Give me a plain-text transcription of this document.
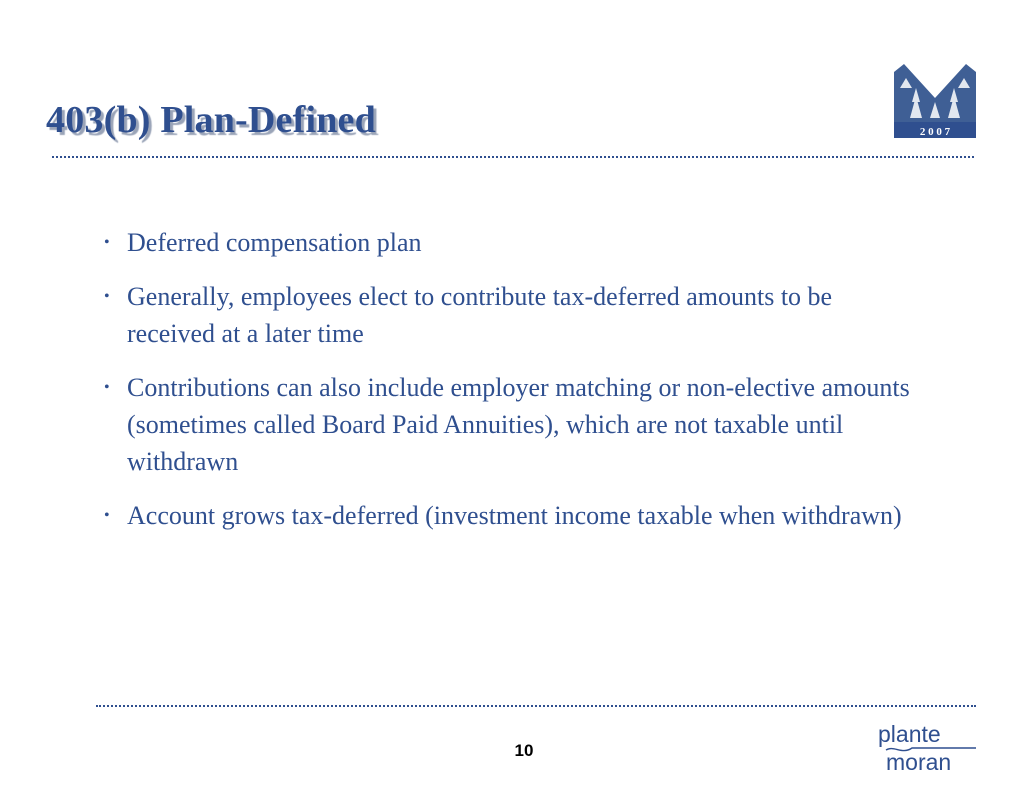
403(b) Plan-Defined	2 0 0 7
Midwinter Conference
• Deferred compensation plan
• Generally, employees elect to contribute tax-deferred amounts to be received at a later time
• Contributions can also include employer matching or non-elective amounts (sometimes called Board Paid Annuities), which are not taxable until withdrawn
• Account grows tax-deferred (investment income taxable when withdrawn)
10
plante
moran
